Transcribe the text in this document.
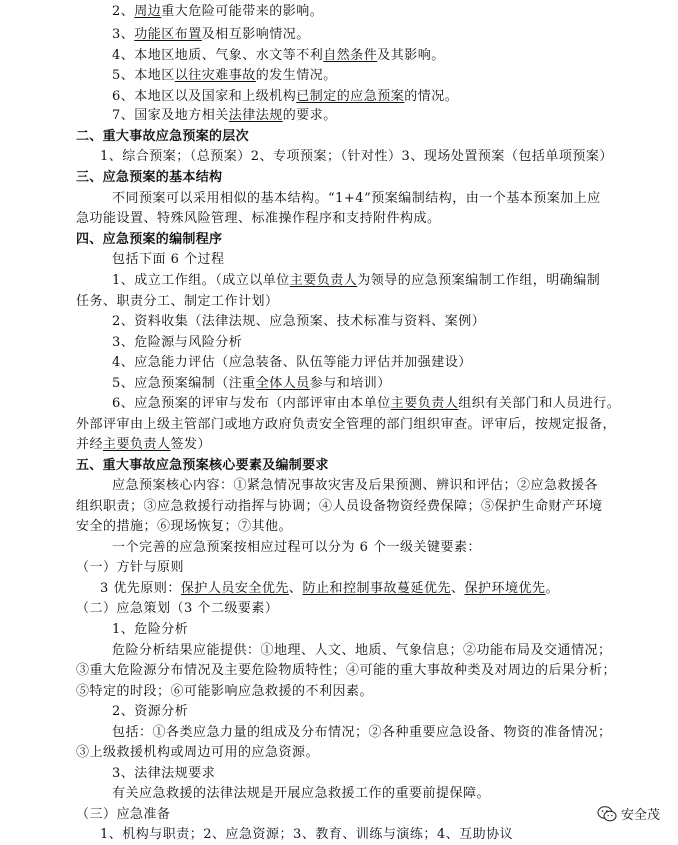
2、周边重大危险可能带来的影响。
3、功能区布置及相互影响情况。
4、本地区地质、气象、水文等不利自然条件及其影响。
5、本地区以往灾难事故的发生情况。
6、本地区以及国家和上级机构已制定的应急预案的情况。
7、国家及地方相关法律法规的要求。
二、重大事故应急预案的层次
1、综合预案；（总预案）2、专项预案；（针对性）3、现场处置预案（包括单项预案）
三、应急预案的基本结构
不同预案可以采用相似的基本结构。“1+4”预案编制结构，由一个基本预案加上应
急功能设置、特殊风险管理、标准操作程序和支持附件构成。
四、应急预案的编制程序
包括下面 6 个过程
1、成立工作组。（成立以单位主要负责人为领导的应急预案编制工作组，明确编制
任务、职责分工、制定工作计划）
2、资料收集（法律法规、应急预案、技术标准与资料、案例）
3、危险源与风险分析
4、应急能力评估（应急装备、队伍等能力评估并加强建设）
5、应急预案编制（注重全体人员参与和培训）
6、应急预案的评审与发布（内部评审由本单位主要负责人组织有关部门和人员进行。
外部评审由上级主管部门或地方政府负责安全管理的部门组织审查。评审后，按规定报备，
并经主要负责人签发）
五、重大事故应急预案核心要素及编制要求
应急预案核心内容：①紧急情况事故灾害及后果预测、辨识和评估；②应急救援各
组织职责；③应急救援行动指挥与协调；④人员设备物资经费保障；⑤保护生命财产环境
安全的措施；⑥现场恢复；⑦其他。
一个完善的应急预案按相应过程可以分为 6 个一级关键要素：
（一）方针与原则
3 优先原则：保护人员安全优先、防止和控制事故蔓延优先、保护环境优先。
（二）应急策划（3 个二级要素）
1、危险分析
危险分析结果应能提供：①地理、人文、地质、气象信息；②功能布局及交通情况；
③重大危险源分布情况及主要危险物质特性；④可能的重大事故种类及对周边的后果分析；
⑤特定的时段；⑥可能影响应急救援的不利因素。
2、资源分析
包括：①各类应急力量的组成及分布情况；②各种重要应急设备、物资的准备情况；
③上级救援机构或周边可用的应急资源。
3、法律法规要求
有关应急救援的法律法规是开展应急救援工作的重要前提保障。
（三）应急准备
1、机构与职责；2、应急资源；3、教育、训练与演练；4、互助协议
安全茂
